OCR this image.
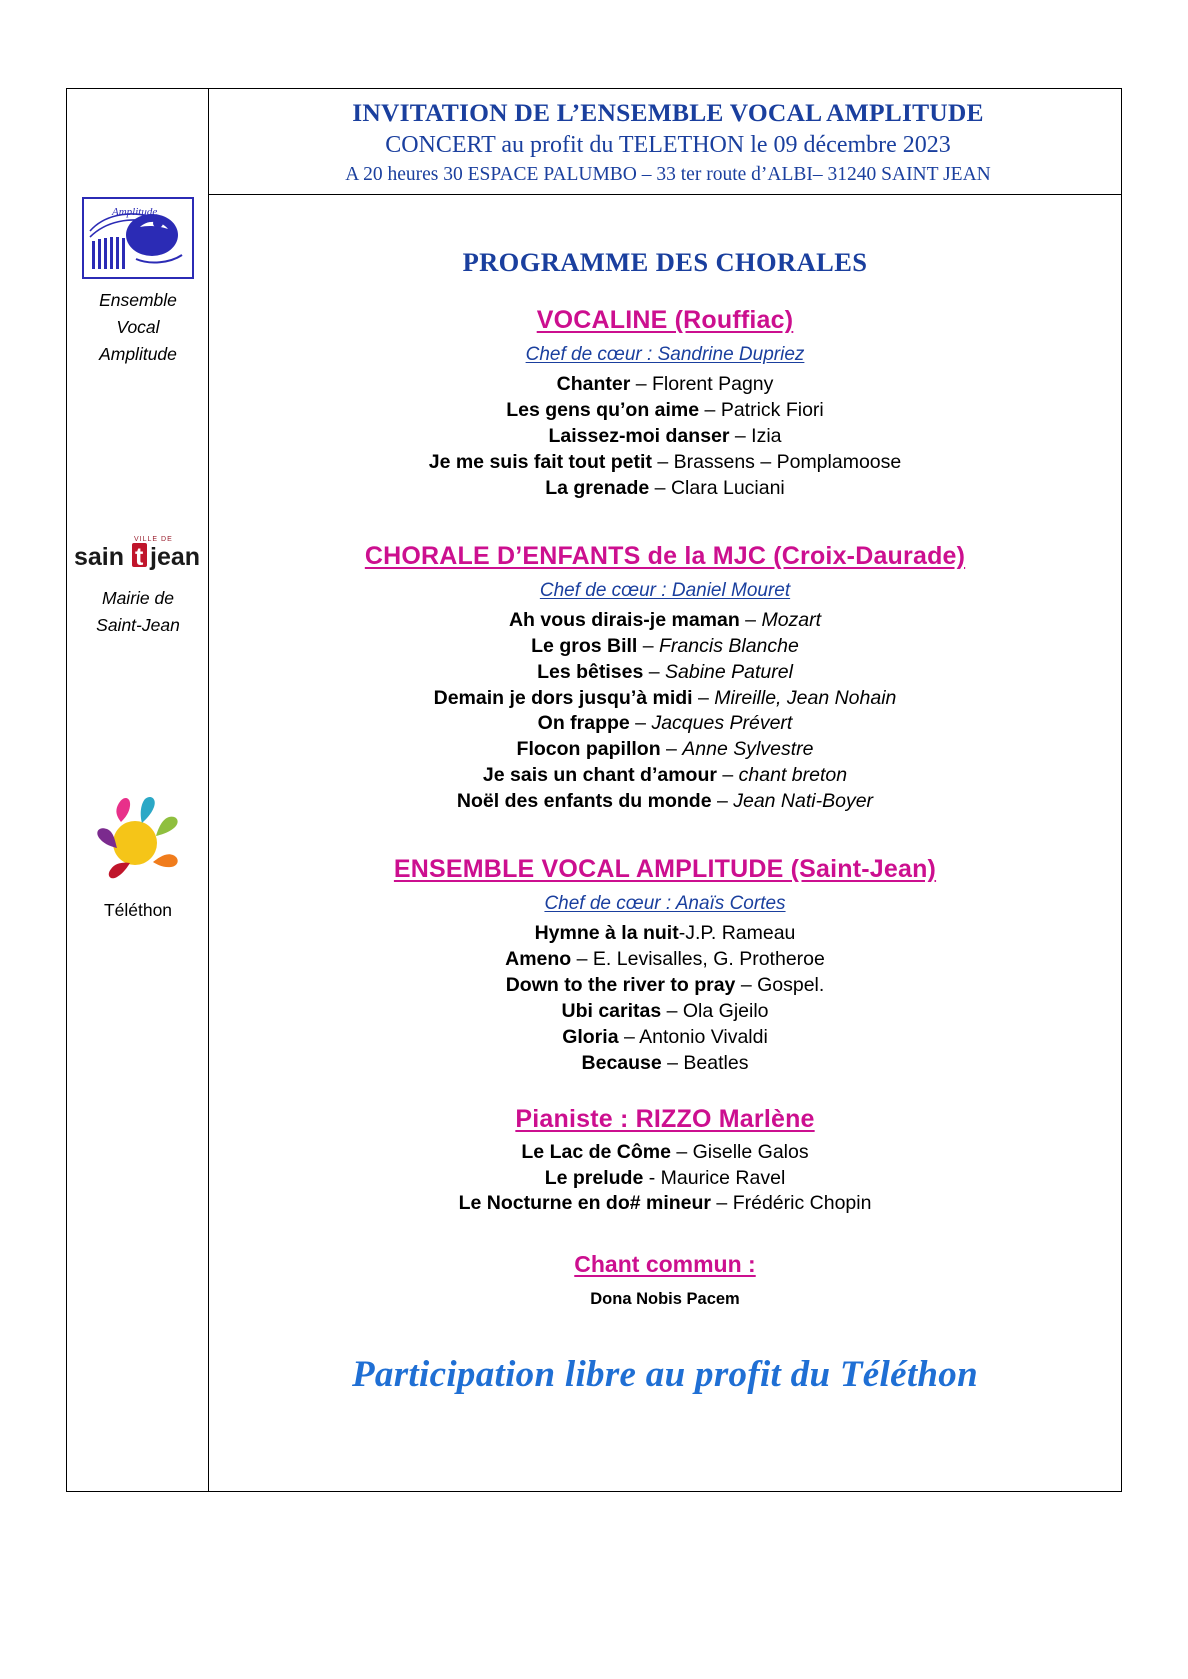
Amplitude
Ensemble
Vocal
Amplitude
VILLE DE
sain t jean
Mairie de
Saint-Jean
Téléthon
INVITATION DE L’ENSEMBLE VOCAL AMPLITUDE
CONCERT au profit du TELETHON le 09 décembre 2023
A 20 heures 30 ESPACE PALUMBO – 33 ter route d’ALBI– 31240 SAINT JEAN
PROGRAMME DES CHORALES
VOCALINE (Rouffiac)
Chef de cœur : Sandrine Dupriez
Chanter – Florent Pagny
Les gens qu’on aime – Patrick Fiori
Laissez-moi danser – Izia
Je me suis fait tout petit – Brassens – Pomplamoose
La grenade – Clara Luciani
CHORALE D’ENFANTS de la MJC (Croix-Daurade)
Chef de cœur : Daniel Mouret
Ah vous dirais-je maman – Mozart
Le gros Bill – Francis Blanche
Les bêtises – Sabine Paturel
Demain je dors jusqu’à midi – Mireille, Jean Nohain
On frappe – Jacques Prévert
Flocon papillon – Anne Sylvestre
Je sais un chant d’amour – chant breton
Noël des enfants du monde – Jean Nati-Boyer
ENSEMBLE VOCAL AMPLITUDE (Saint-Jean)
Chef de cœur : Anaïs Cortes
Hymne à la nuit-J.P. Rameau
Ameno – E. Levisalles, G. Protheroe
Down to the river to pray – Gospel.
Ubi caritas – Ola Gjeilo
Gloria – Antonio Vivaldi
Because – Beatles
Pianiste : RIZZO Marlène
Le Lac de Côme – Giselle Galos
Le prelude - Maurice Ravel
Le Nocturne en do# mineur – Frédéric Chopin
Chant commun :
Dona Nobis Pacem
Participation libre au profit du Téléthon
